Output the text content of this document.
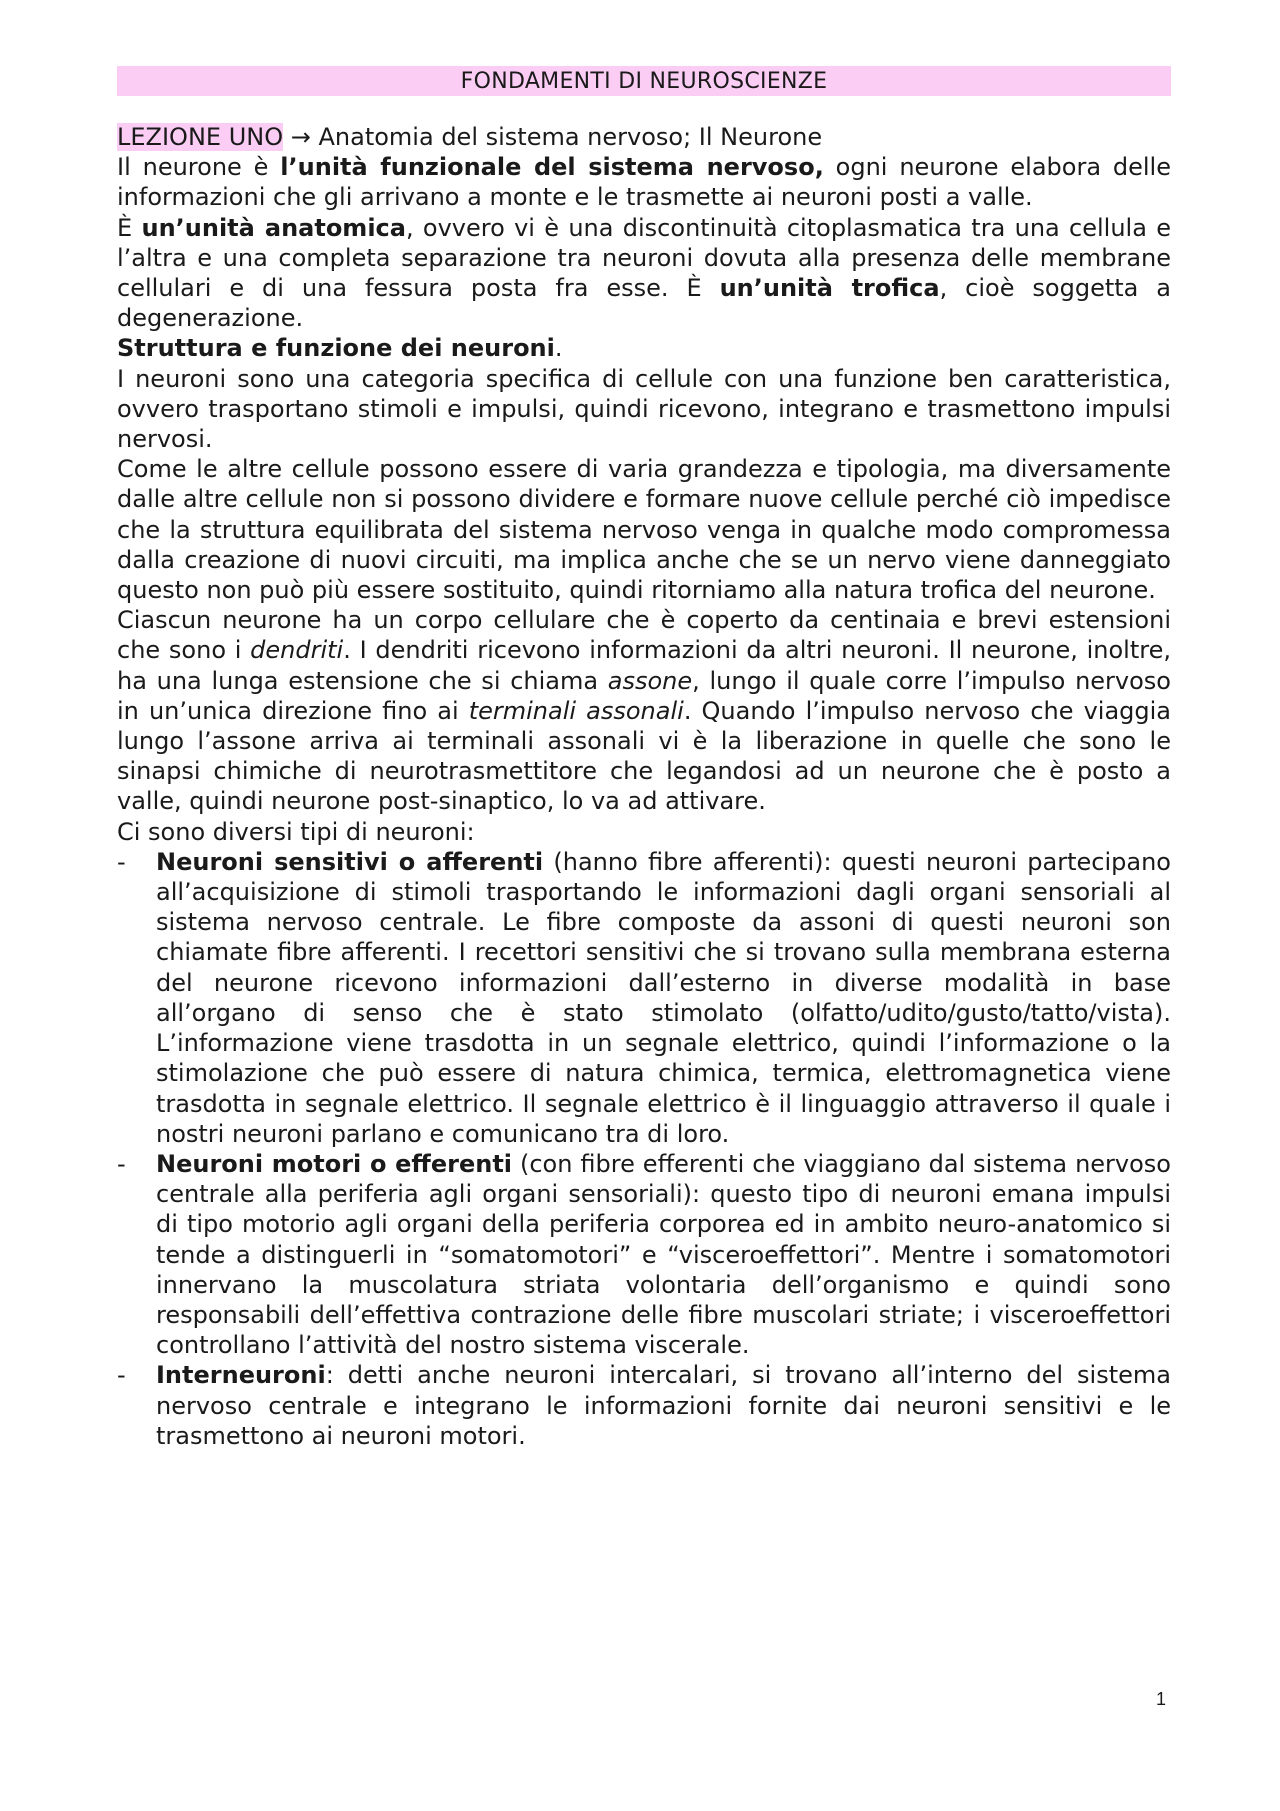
FONDAMENTI DI NEUROSCIENZE

LEZIONE UNO → Anatomia del sistema nervoso; Il Neurone

Il neurone è l’unità funzionale del sistema nervoso, ogni neurone elabora delle informazioni che gli arrivano a monte e le trasmette ai neuroni posti a valle.

È un’unità anatomica, ovvero vi è una discontinuità citoplasmatica tra una cellula e l’altra e una completa separazione tra neuroni dovuta alla presenza delle membrane cellulari e di una fessura posta fra esse. È un’unità trofica, cioè soggetta a degenerazione.

Struttura e funzione dei neuroni.

I neuroni sono una categoria specifica di cellule con una funzione ben caratteristica, ovvero trasportano stimoli e impulsi, quindi ricevono, integrano e trasmettono impulsi nervosi.

Come le altre cellule possono essere di varia grandezza e tipologia, ma diversamente dalle altre cellule non si possono dividere e formare nuove cellule perché ciò impedisce che la struttura equilibrata del sistema nervoso venga in qualche modo compromessa dalla creazione di nuovi circuiti, ma implica anche che se un nervo viene danneggiato questo non può più essere sostituito, quindi ritorniamo alla natura trofica del neurone.

Ciascun neurone ha un corpo cellulare che è coperto da centinaia e brevi estensioni che sono i dendriti. I dendriti ricevono informazioni da altri neuroni. Il neurone, inoltre, ha una lunga estensione che si chiama assone, lungo il quale corre l’impulso nervoso in un’unica direzione fino ai terminali assonali. Quando l’impulso nervoso che viaggia lungo l’assone arriva ai terminali assonali vi è la liberazione in quelle che sono le sinapsi chimiche di neurotrasmettitore che legandosi ad un neurone che è posto a valle, quindi neurone post-sinaptico, lo va ad attivare.

Ci sono diversi tipi di neuroni:

- Neuroni sensitivi o afferenti (hanno fibre afferenti): questi neuroni partecipano all’acquisizione di stimoli trasportando le informazioni dagli organi sensoriali al sistema nervoso centrale. Le fibre composte da assoni di questi neuroni son chiamate fibre afferenti. I recettori sensitivi che si trovano sulla membrana esterna del neurone ricevono informazioni dall’esterno in diverse modalità in base all’organo di senso che è stato stimolato (olfatto/udito/gusto/tatto/vista). L’informazione viene trasdotta in un segnale elettrico, quindi l’informazione o la stimolazione che può essere di natura chimica, termica, elettromagnetica viene trasdotta in segnale elettrico. Il segnale elettrico è il linguaggio attraverso il quale i nostri neuroni parlano e comunicano tra di loro.
- Neuroni motori o efferenti (con fibre efferenti che viaggiano dal sistema nervoso centrale alla periferia agli organi sensoriali): questo tipo di neuroni emana impulsi di tipo motorio agli organi della periferia corporea ed in ambito neuro-anatomico si tende a distinguerli in “somatomotori” e “visceroeffettori”. Mentre i somatomotori innervano la muscolatura striata volontaria dell’organismo e quindi sono responsabili dell’effettiva contrazione delle fibre muscolari striate; i visceroeffettori controllano l’attività del nostro sistema viscerale.
- Interneuroni: detti anche neuroni intercalari, si trovano all’interno del sistema nervoso centrale e integrano le informazioni fornite dai neuroni sensitivi e le trasmettono ai neuroni motori.
1
